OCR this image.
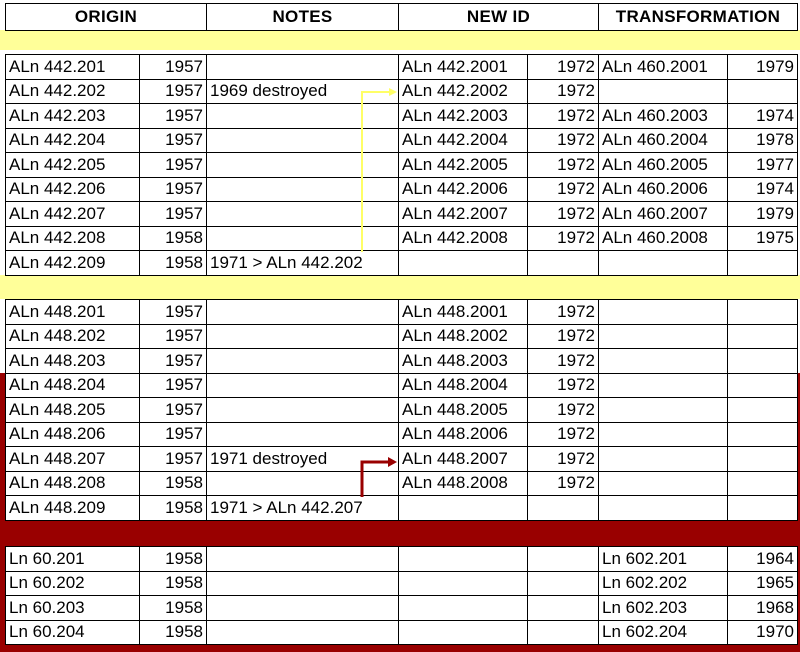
ORIGIN	NOTES	NEW ID	TRANSFORMATION
ALn 442.201	1957		ALn 442.2001	1972	ALn 460.2001	1979
ALn 442.202	1957	1969 destroyed	ALn 442.2002	1972		
ALn 442.203	1957		ALn 442.2003	1972	ALn 460.2003	1974
ALn 442.204	1957		ALn 442.2004	1972	ALn 460.2004	1978
ALn 442.205	1957		ALn 442.2005	1972	ALn 460.2005	1977
ALn 442.206	1957		ALn 442.2006	1972	ALn 460.2006	1974
ALn 442.207	1957		ALn 442.2007	1972	ALn 460.2007	1979
ALn 442.208	1958		ALn 442.2008	1972	ALn 460.2008	1975
ALn 442.209	1958	1971 > ALn 442.202				
ALn 448.201	1957		ALn 448.2001	1972		
ALn 448.202	1957		ALn 448.2002	1972		
ALn 448.203	1957		ALn 448.2003	1972		
ALn 448.204	1957		ALn 448.2004	1972		
ALn 448.205	1957		ALn 448.2005	1972		
ALn 448.206	1957		ALn 448.2006	1972		
ALn 448.207	1957	1971 destroyed	ALn 448.2007	1972		
ALn 448.208	1958		ALn 448.2008	1972		
ALn 448.209	1958	1971 > ALn 442.207				
Ln 60.201	1958				Ln 602.201	1964
Ln 60.202	1958				Ln 602.202	1965
Ln 60.203	1958				Ln 602.203	1968
Ln 60.204	1958				Ln 602.204	1970
